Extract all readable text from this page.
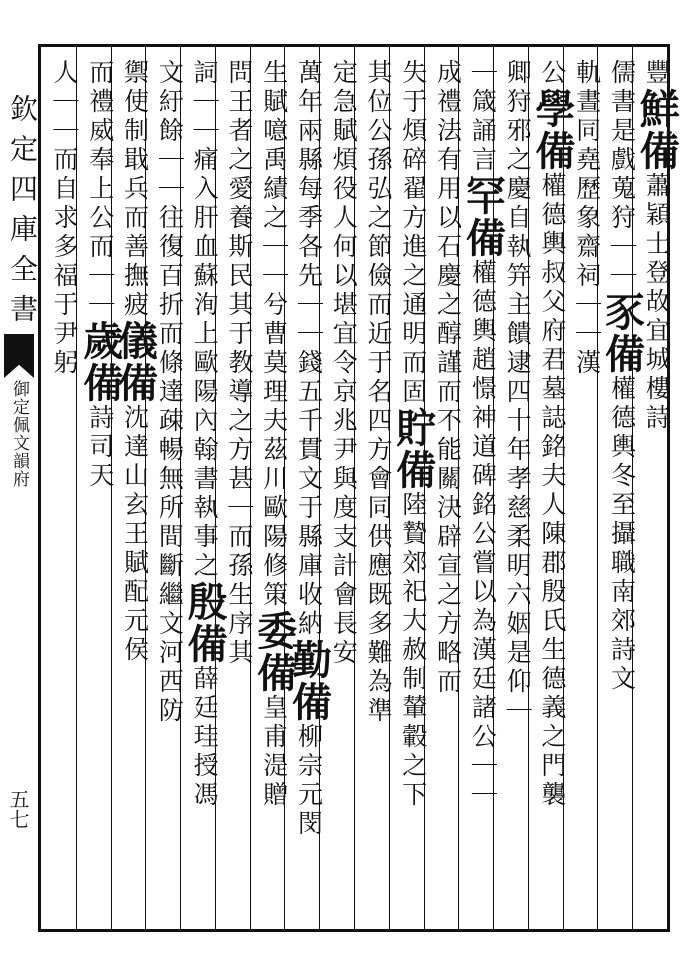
欽定四庫全書
御定佩文韻府
五七
豐鮮備蕭穎士登故宜城樓詩
儒書是戲蒐狩｜｜豕備權德輿冬至攝職南郊詩文
軌晝同堯歷象齋祠｜｜漢
公學備權德輿叔父府君墓誌銘夫人陳郡殷氏生德義之門襲
卿狩邪之慶自執笄主饋逮四十年孝慈柔明六姻是仰｜
｜箴誦言罕備權德輿趙憬神道碑銘公嘗以為漢廷諸公｜｜
成禮法有用以石慶之醇謹而不能關決辟宣之方略而
失于煩碎翟方進之通明而固貯備陸贄郊祀大赦制輦轂之下
其位公孫弘之節儉而近于名四方會同供應既多難為準
定急賦煩役人何以堪宜令京兆尹與度支計會長安
萬年兩縣每季各先｜｜錢五千貫文于縣庫收納勤備柳宗元閔
生賦噫禹績之｜｜兮曹莫理夫茲川歐陽修策委備皇甫湜贈
問王者之愛養斯民其于教導之方甚｜而孫生序其
詞｜｜痛入肝血蘇洵上歐陽內翰書執事之殷備薛廷珪授馮
文紆餘｜｜往復百折而條達疎暢無所間斷繼文河西防
禦使制戢兵而善撫疲儀備沈達山玄王賦配元侯
而禮威奉上公而｜｜歲備詩司天
人｜｜而自求多福于尹躬
